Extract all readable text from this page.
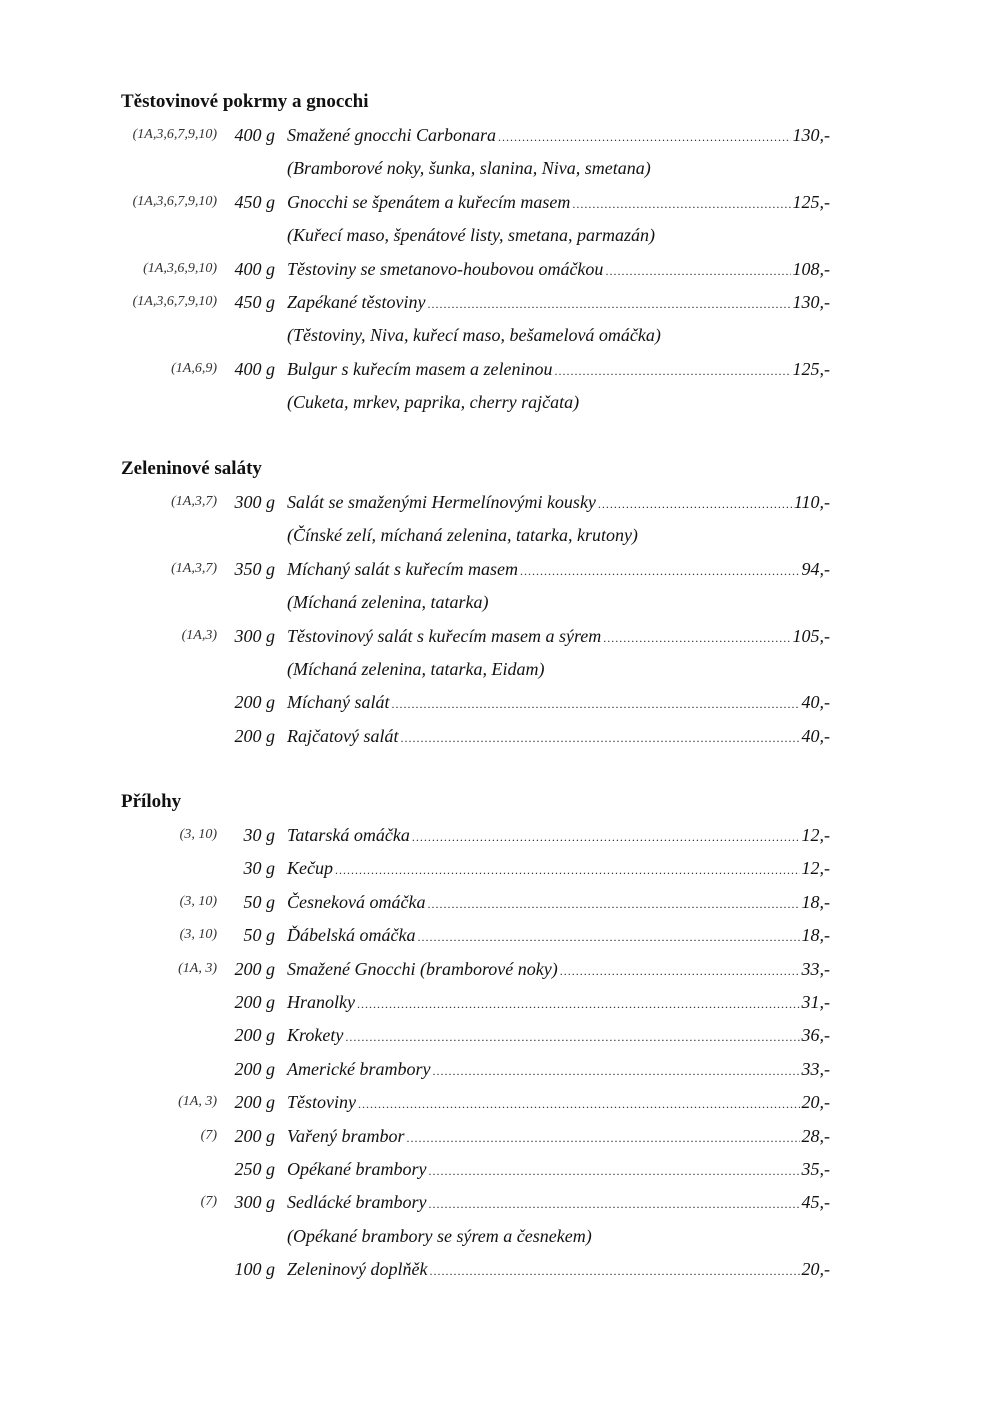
Těstovinové pokrmy a gnocchi
(1A,3,6,7,9,10) 400 g Smažené gnocchi Carbonara .....	130,-
(Bramborové noky, šunka, slanina, Niva, smetana)
(1A,3,6,7,9,10) 450 g Gnocchi se špenátem a kuřecím masem .....	125,-
(Kuřecí maso, špenátové listy, smetana, parmazán)
(1A,3,6,9,10) 400 g Těstoviny se smetanovo-houbovou omáčkou .....	108,-
(1A,3,6,7,9,10) 450 g Zapékané těstoviny .....	130,-
(Těstoviny, Niva, kuřecí maso, bešamelová omáčka)
(1A,6,9) 400 g Bulgur s kuřecím masem a zeleninou .....	125,-
(Cuketa, mrkev, paprika, cherry rajčata)
Zeleninové saláty
(1A,3,7) 300 g Salát se smaženými Hermelínovými kousky .....	110,-
(Čínské zelí, míchaná zelenina, tatarka, krutony)
(1A,3,7) 350 g Míchaný salát s kuřecím masem .....	94,-
(Míchaná zelenina, tatarka)
(1A,3) 300 g Těstovinový salát s kuřecím masem a sýrem .....	105,-
(Míchaná zelenina, tatarka, Eidam)
200 g Míchaný salát .....	40,-
200 g Rajčatový salát .....	40,-
Přílohy
(3, 10) 30 g Tatarská omáčka .....	12,-
30 g Kečup .....	12,-
(3, 10) 50 g Česneková omáčka .....	18,-
(3, 10) 50 g Ďábelská omáčka .....	18,-
(1A, 3) 200 g Smažené Gnocchi (bramborové noky) .....	33,-
200 g Hranolky .....	31,-
200 g Krokety .....	36,-
200 g Americké brambory .....	33,-
(1A, 3) 200 g Těstoviny .....	20,-
(7) 200 g Vařený brambor .....	28,-
250 g Opékané brambory .....	35,-
(7) 300 g Sedlácké brambory .....	45,-
(Opékané brambory se sýrem a česnekem)
100 g Zeleninový doplňěk .....	20,-
